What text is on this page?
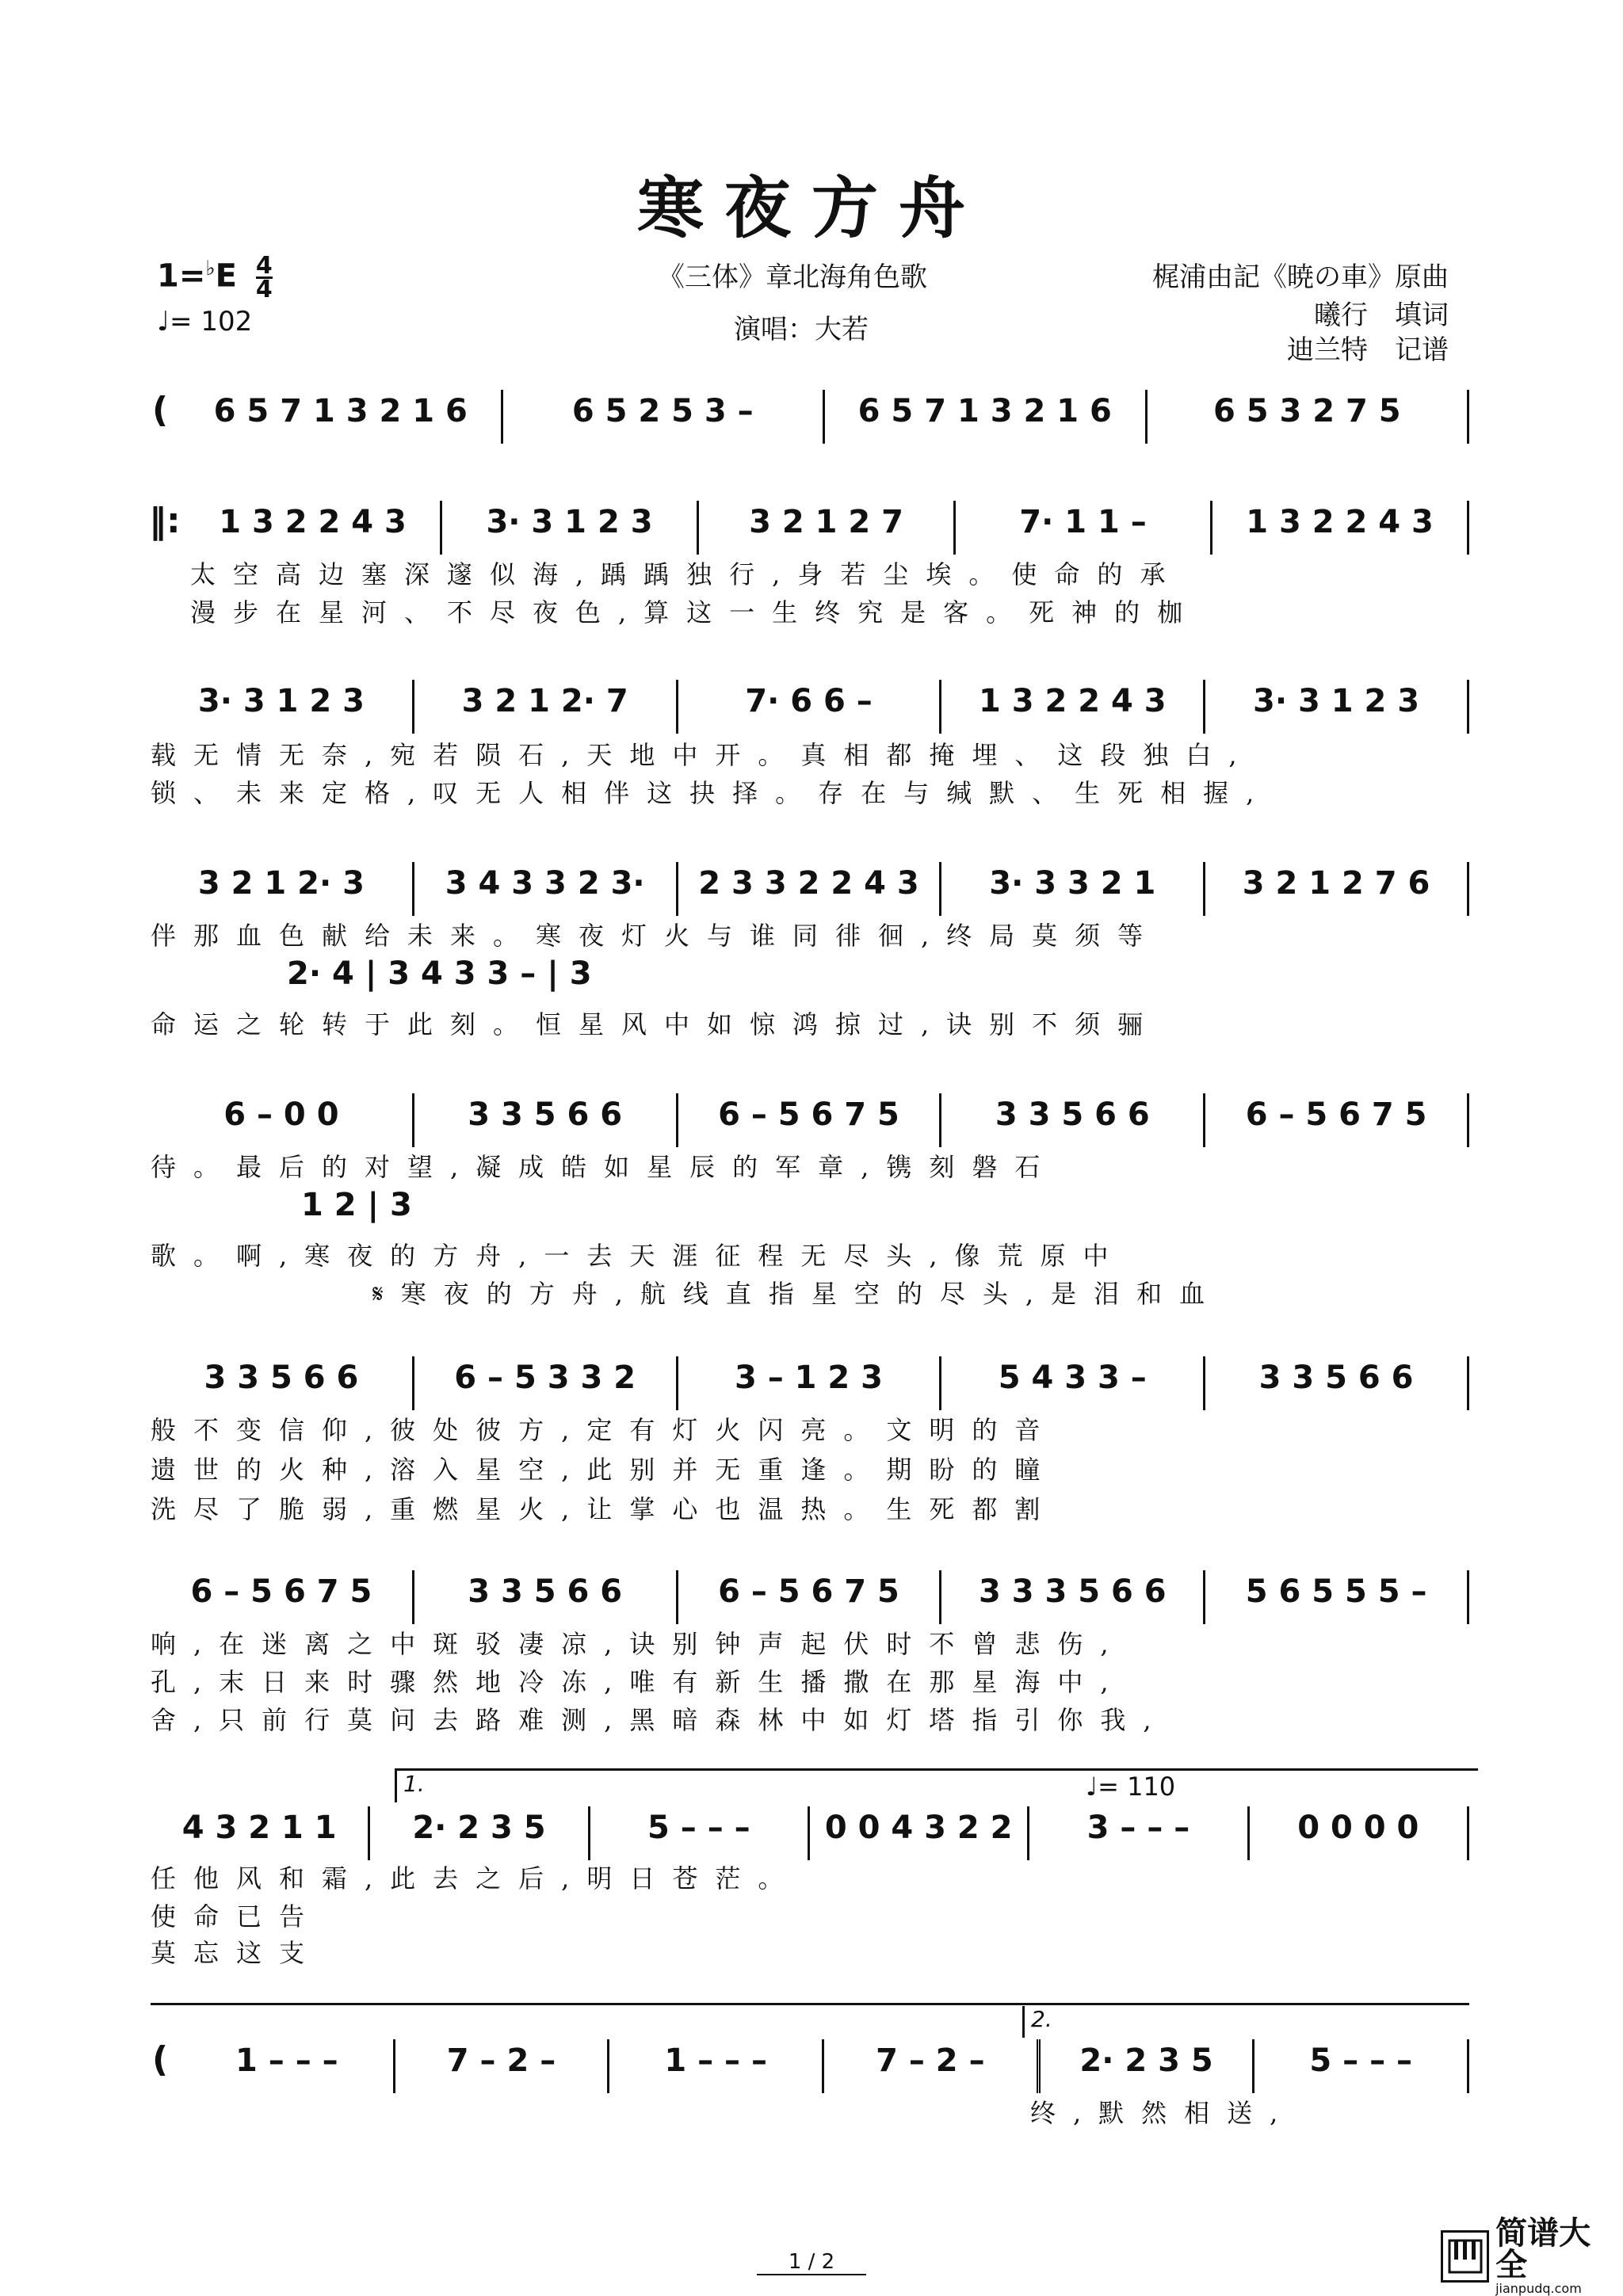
寒夜方舟
$1=^♭E \frac{4}{4}$
♩= 102
《三体》章北海角色歌
演唱：大若
梶浦由記《暁の車》原曲
曦行　填词
迪兰特　记谱
(	6 5 7 1 3 2 1 6	6 5 2 5 3 –	6 5 7 1 3 2 1 6	6 5 3 2 7 5
‖:	1 3 2 2 4 3	3· 3 1 2 3	3 2 1 2 7	7· 1 1 –	1 3 2 2 4 3
太空高边塞深邃似海,踽踽独行,身若尘埃。使命的承
漫步在星河、不尽夜色,算这一生终究是客。死神的枷
3· 3 1 2 3	3 2 1 2· 7	7· 6 6 –	1 3 2 2 4 3	3· 3 1 2 3
载无情无奈,宛若陨石,天地中开。真相都掩埋、这段独白,
锁、未来定格,叹无人相伴这抉择。存在与缄默、生死相握,
3 2 1 2· 3	3 4 3 3 2 3·	2 3 3 2 2 4 3	3· 3 3 2 1	3 2 1 2 7 6
伴那血色献给未来。寒夜灯火与谁同徘徊,终局莫须等
2· 4 | 3 4 3 3 – | 3
命运之轮转于此刻。恒星风中如惊鸿掠过,诀别不须骊
6 – 0 0	3 3 5 6 6	6 – 5 6 7 5	3 3 5 6 6	6 – 5 6 7 5
待。最后的对望,凝成皓如星辰的军章,镌刻磐石
1 2 | 3
歌。啊,寒夜的方舟,一去天涯征程无尽头,像荒原中
𝄋寒夜的方舟,航线直指星空的尽头,是泪和血
3 3 5 6 6	6 – 5 3 3 2	3 – 1 2 3	5 4 3 3 –	3 3 5 6 6
般不变信仰,彼处彼方,定有灯火闪亮。文明的音
遗世的火种,溶入星空,此别并无重逢。期盼的瞳
洗尽了脆弱,重燃星火,让掌心也温热。生死都割
6 – 5 6 7 5	3 3 5 6 6	6 – 5 6 7 5	3 3 3 5 6 6	5 6 5 5 5 –
响,在迷离之中斑驳凄凉,诀别钟声起伏时不曾悲伤,
孔,末日来时骤然地冷冻,唯有新生播撒在那星海中,
舍,只前行莫问去路难测,黑暗森林中如灯塔指引你我,
1.	♩= 110
4 3 2 1 1	2· 2 3 5	5 – – –	0 0 4 3 2 2	3 – – –	0 0 0 0
任他风和霜,此去之后,明日苍茫。
使命已告
莫忘这支
2.
(	1 – – –	7 – 2 –	1 – – –	7 – 2 –	2· 2 3 5	5 – – –
终,默然相送,
1 / 2
简谱大全
jianpudq.com
